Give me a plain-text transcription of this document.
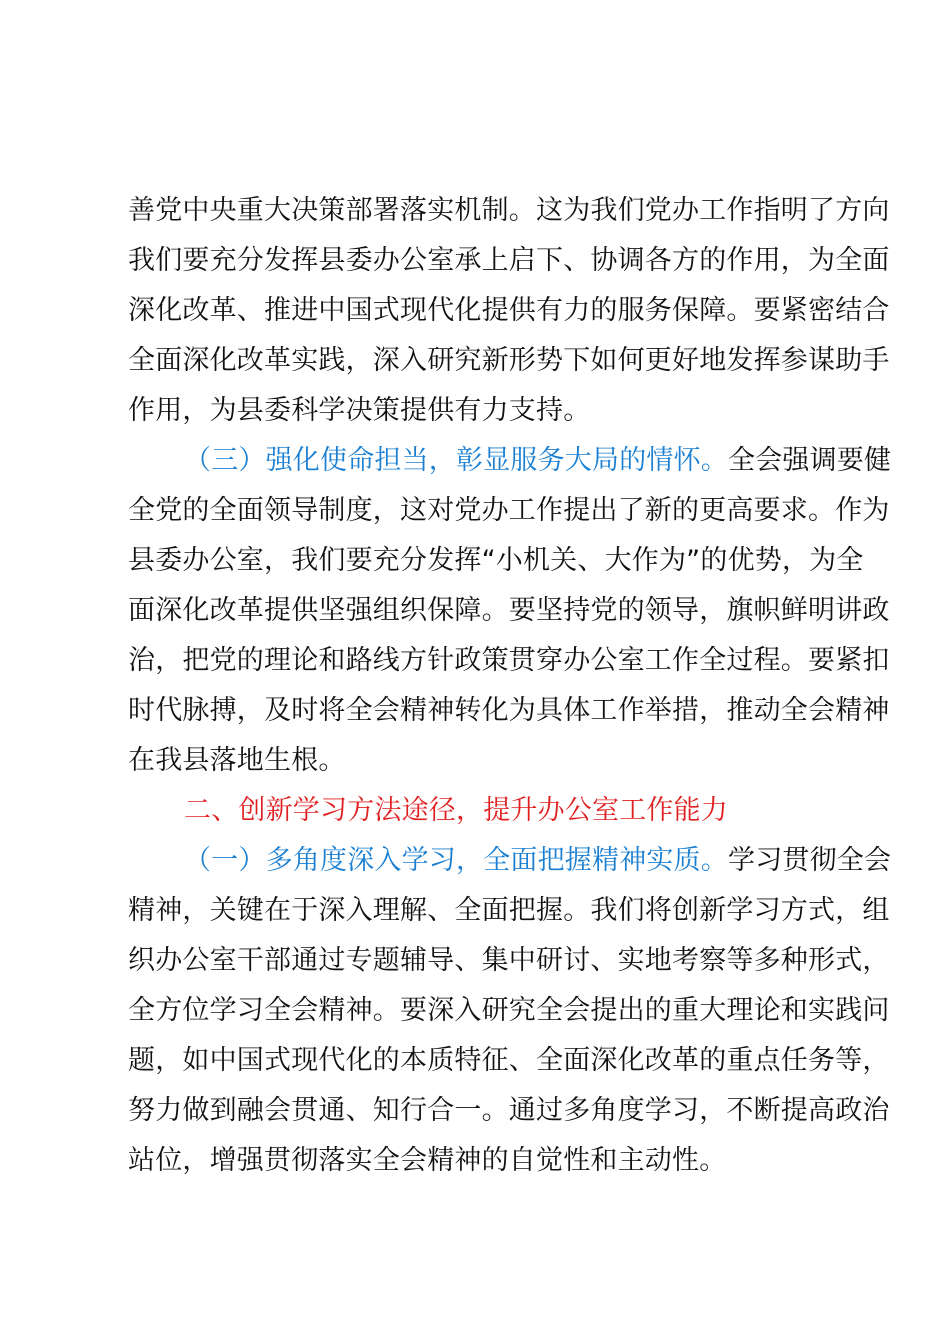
善党中央重大决策部署落实机制。这为我们党办工作指明了方向
我们要充分发挥县委办公室承上启下、协调各方的作用，为全面
深化改革、推进中国式现代化提供有力的服务保障。要紧密结合
全面深化改革实践，深入研究新形势下如何更好地发挥参谋助手
作用，为县委科学决策提供有力支持。
（三）强化使命担当，彰显服务大局的情怀。全会强调要健
全党的全面领导制度，这对党办工作提出了新的更高要求。作为
县委办公室，我们要充分发挥“小机关、大作为”的优势，为全
面深化改革提供坚强组织保障。要坚持党的领导，旗帜鲜明讲政
治，把党的理论和路线方针政策贯穿办公室工作全过程。要紧扣
时代脉搏，及时将全会精神转化为具体工作举措，推动全会精神
在我县落地生根。
二、创新学习方法途径，提升办公室工作能力
（一）多角度深入学习，全面把握精神实质。学习贯彻全会
精神，关键在于深入理解、全面把握。我们将创新学习方式，组
织办公室干部通过专题辅导、集中研讨、实地考察等多种形式，
全方位学习全会精神。要深入研究全会提出的重大理论和实践问
题，如中国式现代化的本质特征、全面深化改革的重点任务等，
努力做到融会贯通、知行合一。通过多角度学习，不断提高政治
站位，增强贯彻落实全会精神的自觉性和主动性。
